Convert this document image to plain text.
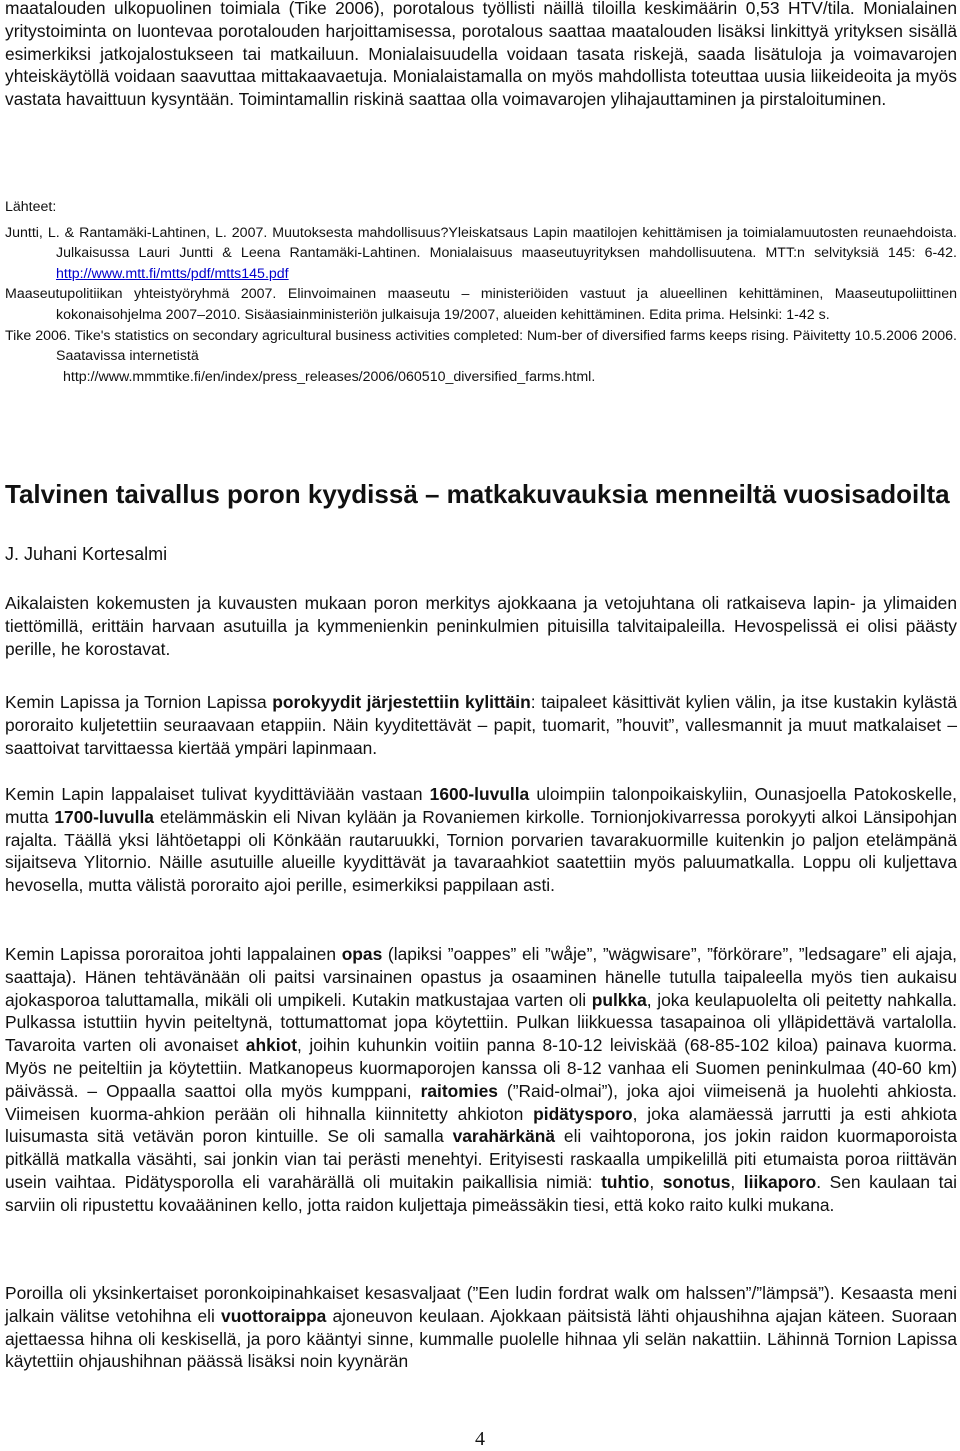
maatalouden ulkopuolinen toimiala (Tike 2006), porotalous työllisti näillä tiloilla keskimäärin 0,53 HTV/tila. Monialainen yritystoiminta on luontevaa porotalouden harjoittamisessa, porotalous saattaa maatalouden lisäksi linkittyä yrityksen sisällä esimerkiksi jatkojalostukseen tai matkailuun. Monialaisuudella voidaan tasata riskejä, saada lisätuloja ja voimavarojen yhteiskäytöllä voidaan saavuttaa mittakaavaetuja. Monialaistamalla on myös mahdollista toteuttaa uusia liikeideoita ja myös vastata havaittuun kysyntään. Toimintamallin riskinä saattaa olla voimavarojen ylihajauttaminen ja pirstaloituminen.

Lähteet:

Juntti, L. & Rantamäki-Lahtinen, L. 2007. Muutoksesta mahdollisuus?Yleiskatsaus Lapin maatilojen kehittämisen ja toimialamuutosten reunaehdoista. Julkaisussa Lauri Juntti & Leena Rantamäki-Lahtinen. Monialaisuus maaseutuyrityksen mahdollisuutena. MTT:n selvityksiä 145: 6-42. http://www.mtt.fi/mtts/pdf/mtts145.pdf

Maaseutupolitiikan yhteistyöryhmä 2007. Elinvoimainen maaseutu – ministeriöiden vastuut ja alueellinen kehittäminen, Maaseutupoliittinen kokonaisohjelma 2007–2010. Sisäasiainministeriön julkaisuja 19/2007, alueiden kehittäminen. Edita prima. Helsinki: 1-42 s.

Tike 2006. Tike's statistics on secondary agricultural business activities completed: Num-ber of diversified farms keeps rising. Päivitetty 10.5.2006 2006. Saatavissa internetistä

http://www.mmmtike.fi/en/index/press_releases/2006/060510_diversified_farms.html.

Talvinen taivallus poron kyydissä – matkakuvauksia menneiltä vuosisadoilta

J. Juhani Kortesalmi

Aikalaisten kokemusten ja kuvausten mukaan poron merkitys ajokkaana ja vetojuhtana oli ratkaiseva lapin- ja ylimaiden tiettömillä, erittäin harvaan asutuilla ja kymmenienkin peninkulmien pituisilla talvitaipaleilla. Hevospelissä ei olisi päästy perille, he korostavat.

Kemin Lapissa ja Tornion Lapissa porokyydit järjestettiin kylittäin: taipaleet käsittivät kylien välin, ja itse kustakin kylästä pororaito kuljetettiin seuraavaan etappiin. Näin kyyditettävät – papit, tuomarit, ”houvit”, vallesmannit ja muut matkalaiset – saattoivat tarvittaessa kiertää ympäri lapinmaan.

Kemin Lapin lappalaiset tulivat kyydittäviään vastaan 1600-luvulla uloimpiin talonpoikaiskyliin, Ounasjoella Patokoskelle, mutta 1700-luvulla etelämmäskin eli Nivan kylään ja Rovaniemen kirkolle. Tornionjokivarressa porokyyti alkoi Länsipohjan rajalta. Täällä yksi lähtöetappi oli Könkään rautaruukki, Tornion porvarien tavarakuormille kuitenkin jo paljon etelämpänä sijaitseva Ylitornio. Näille asutuille alueille kyydittävät ja tavaraahkiot saatettiin myös paluumatkalla. Loppu oli kuljettava hevosella, mutta välistä pororaito ajoi perille, esimerkiksi pappilaan asti.

Kemin Lapissa pororaitoa johti lappalainen opas (lapiksi ”oappes” eli ”wåje”, ”wägwisare”, ”förkörare”, ”ledsagare” eli ajaja, saattaja). Hänen tehtävänään oli paitsi varsinainen opastus ja osaaminen hänelle tutulla taipaleella myös tien aukaisu ajokasporoa taluttamalla, mikäli oli umpikeli. Kutakin matkustajaa varten oli pulkka, joka keulapuolelta oli peitetty nahkalla. Pulkassa istuttiin hyvin peiteltynä, tottumattomat jopa köytettiin. Pulkan liikkuessa tasapainoa oli ylläpidettävä vartalolla. Tavaroita varten oli avonaiset ahkiot, joihin kuhunkin voitiin panna 8-10-12 leiviskää (68-85-102 kiloa) painava kuorma. Myös ne peiteltiin ja köytettiin. Matkanopeus kuormaporojen kanssa oli 8-12 vanhaa eli Suomen peninkulmaa (40-60 km) päivässä. – Oppaalla saattoi olla myös kumppani, raitomies (”Raid-olmai”), joka ajoi viimeisenä ja huolehti ahkiosta. Viimeisen kuorma-ahkion perään oli hihnalla kiinnitetty ahkioton pidätysporo, joka alamäessä jarrutti ja esti ahkiota luisumasta sitä vetävän poron kintuille. Se oli samalla varahärkänä eli vaihtoporona, jos jokin raidon kuormaporoista pitkällä matkalla väsähti, sai jonkin vian tai perästi menehtyi. Erityisesti raskaalla umpikelillä piti etumaista poroa riittävän usein vaihtaa. Pidätysporolla eli varahärällä oli muitakin paikallisia nimiä: tuhtio, sonotus, liikaporo. Sen kaulaan tai sarviin oli ripustettu kovaääninen kello, jotta raidon kuljettaja pimeässäkin tiesi, että koko raito kulki mukana.

Poroilla oli yksinkertaiset poronkoipinahkaiset kesasvaljaat (”Een ludin fordrat walk om halssen”/”lämpsä”). Kesaasta meni jalkain välitse vetohihna eli vuottoraippa ajoneuvon keulaan. Ajokkaan päitsistä lähti ohjaushihna ajajan käteen. Suoraan ajettaessa hihna oli keskisellä, ja poro kääntyi sinne, kummalle puolelle hihnaa yli selän nakattiin. Lähinnä Tornion Lapissa käytettiin ohjaushihnan päässä lisäksi noin kyynärän

4
